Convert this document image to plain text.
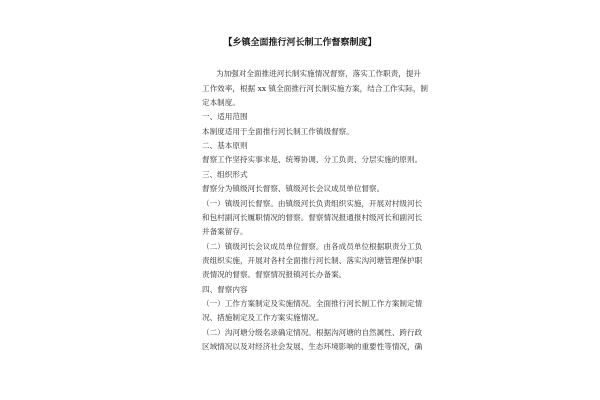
【乡镇全面推行河长制工作督察制度】
为加强对全面推进河长制实施情况督察，落实工作职责，提升
工作效率，根据 xx 镇全面推行河长制实施方案，结合工作实际，制
定本制度。
一、适用范围
本制度适用于全面推行河长制工作镇级督察。
二、基本原则
督察工作坚持实事求是、统筹协调、分工负责、分层实施的原则。
三、组织形式
督察分为镇级河长督察、镇级河长会议成员单位督察。
（一）镇级河长督察。由镇级河长负责组织实施，开展对村级河长
和包村副河长履职情况的督察。督察情况报通报村级河长和副河长
并备案留存。
（二）镇级河长会议成员单位督察。由各成员单位根据职责分工负
责组织实施，开展对各村全面推行河长制、落实沟河塘管理保护职
责情况的督察。督察情况报镇河长办备案。
四、督察内容
（一）工作方案制定及实施情况。全面推行河长制工作方案制定情
况、措施制定及工作方案实施情况。
（二）沟河塘分级名录确定情况。根据沟河塘的自然属性、跨行政
区域情况以及对经济社会发展、生态环境影响的重要性等情况，确
